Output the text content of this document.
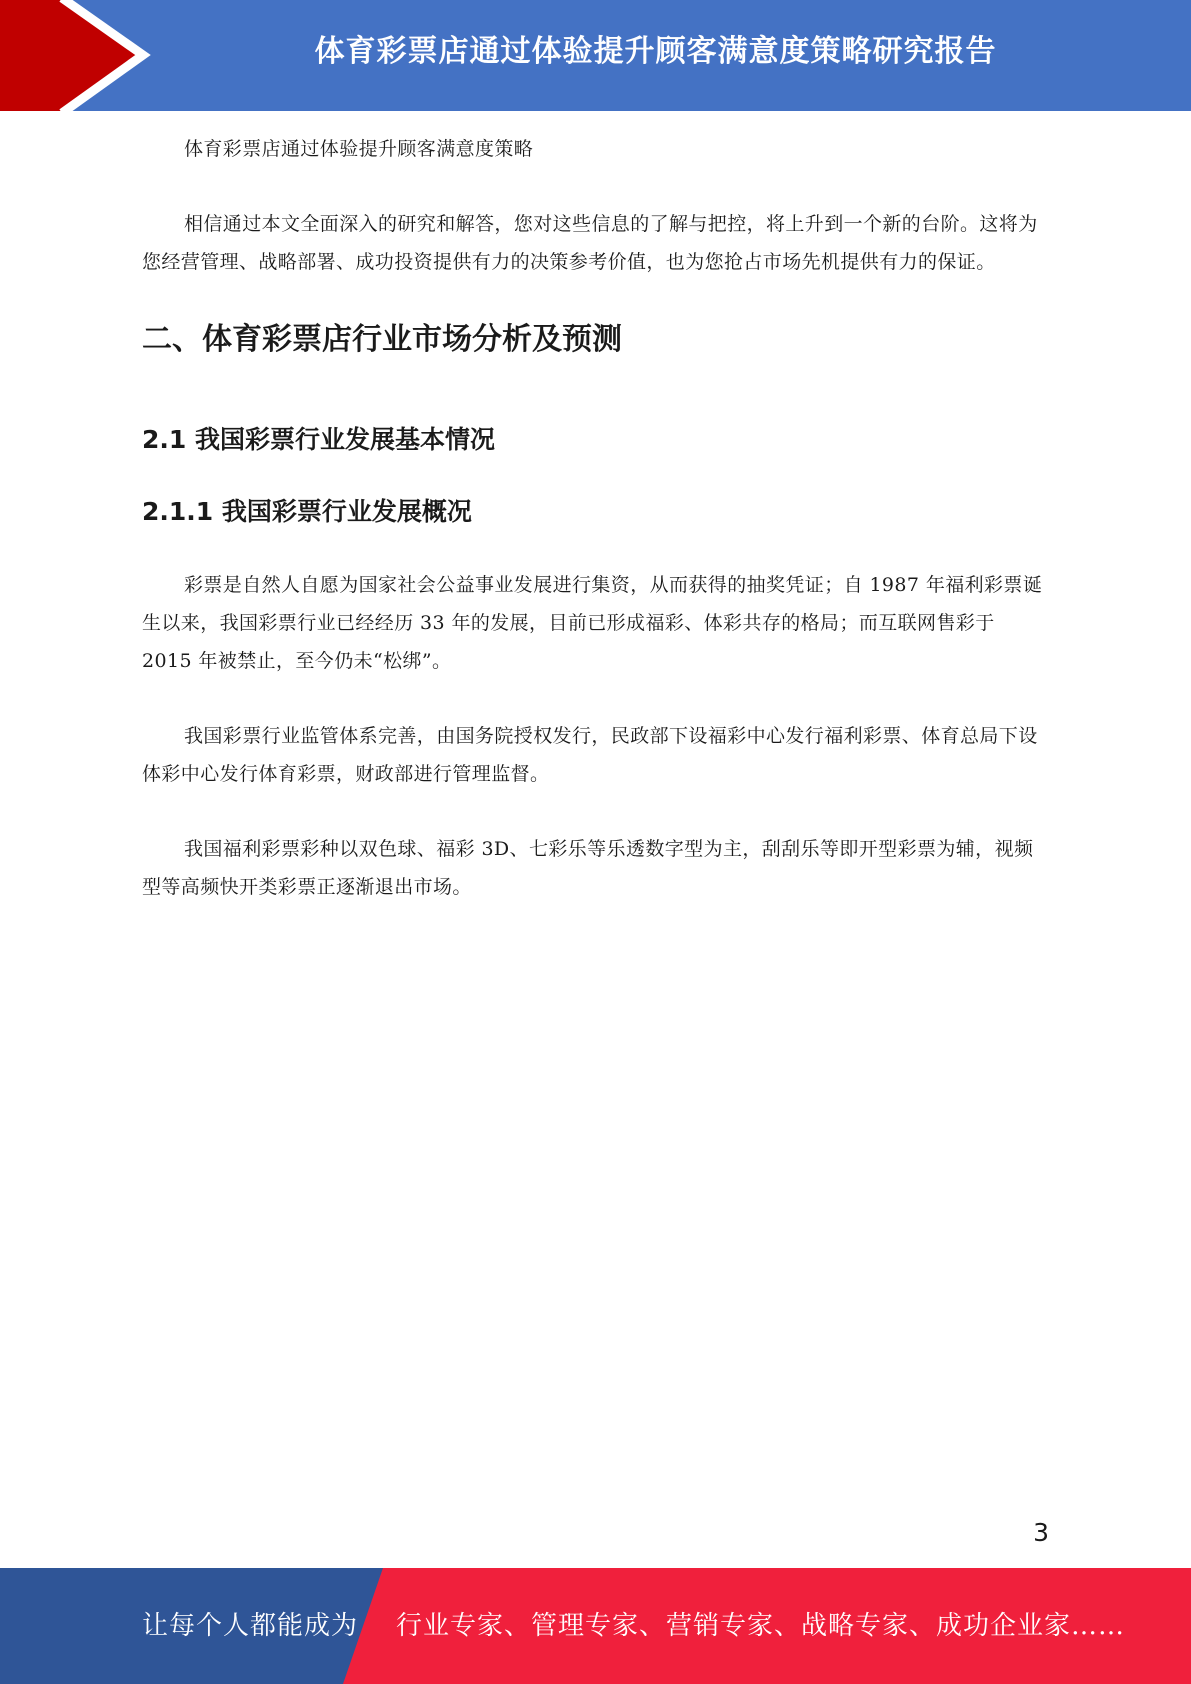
体育彩票店通过体验提升顾客满意度策略研究报告

体育彩票店通过体验提升顾客满意度策略

相信通过本文全面深入的研究和解答，您对这些信息的了解与把控，将上升到一个新的台阶。这将为您经营管理、战略部署、成功投资提供有力的决策参考价值，也为您抢占市场先机提供有力的保证。

二、体育彩票店行业市场分析及预测
2.1 我国彩票行业发展基本情况
2.1.1 我国彩票行业发展概况

彩票是自然人自愿为国家社会公益事业发展进行集资，从而获得的抽奖凭证；自 1987 年福利彩票诞生以来，我国彩票行业已经经历 33 年的发展，目前已形成福彩、体彩共存的格局；而互联网售彩于 2015 年被禁止，至今仍未“松绑”。

我国彩票行业监管体系完善，由国务院授权发行，民政部下设福彩中心发行福利彩票、体育总局下设体彩中心发行体育彩票，财政部进行管理监督。

我国福利彩票彩种以双色球、福彩 3D、七彩乐等乐透数字型为主，刮刮乐等即开型彩票为辅，视频型等高频快开类彩票正逐渐退出市场。

3
让每个人都能成为 行业专家、管理专家、营销专家、战略专家、成功企业家……
